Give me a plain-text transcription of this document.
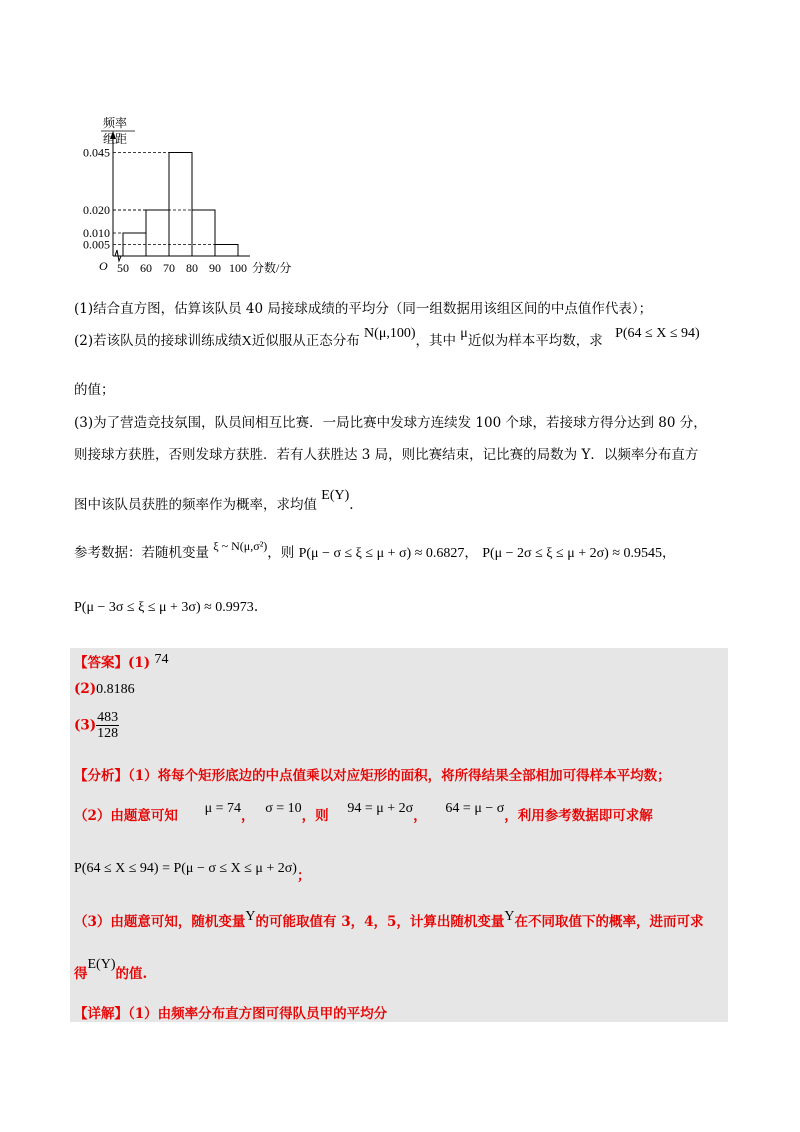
频率
组距
0.045
0.020
0.010
0.005
50 60 70 80 90 100
O	分数/分
(1)结合直方图，估算该队员 40 局接球成绩的平均分（同一组数据用该组区间的中点值作代表）；
(2)若该队员的接球训练成绩X近似服从正态分布 N(μ,100)，其中 μ近似为样本平均数，求 P(64 ≤ X ≤ 94)
的值；
(3)为了营造竞技氛围，队员间相互比赛．一局比赛中发球方连续发 100 个球，若接球方得分达到 80 分，
则接球方获胜，否则发球方获胜．若有人获胜达 3 局，则比赛结束，记比赛的局数为 Y．以频率分布直方
图中该队员获胜的频率作为概率，求均值 E(Y).
参考数据：若随机变量 ξ ~ N(μ,σ²)，则 P(μ − σ ≤ ξ ≤ μ + σ) ≈ 0.6827， P(μ − 2σ ≤ ξ ≤ μ + 2σ) ≈ 0.9545，
P(μ − 3σ ≤ ξ ≤ μ + 3σ) ≈ 0.9973.
【答案】(1) 74
(2)0.8186
$(3) \frac{483}{128}$
【分析】（1）将每个矩形底边的中点值乘以对应矩形的面积，将所得结果全部相加可得样本平均数；
（2）由题意可知 μ = 74， σ = 10，则 94 = μ + 2σ， 64 = μ − σ，利用参考数据即可求解
P(64 ≤ X ≤ 94) = P(μ − σ ≤ X ≤ μ + 2σ)；
（3）由题意可知，随机变量Y的可能取值有 3，4，5，计算出随机变量Y在不同取值下的概率，进而可求
得E(Y)的值.
【详解】（1）由频率分布直方图可得队员甲的平均分
